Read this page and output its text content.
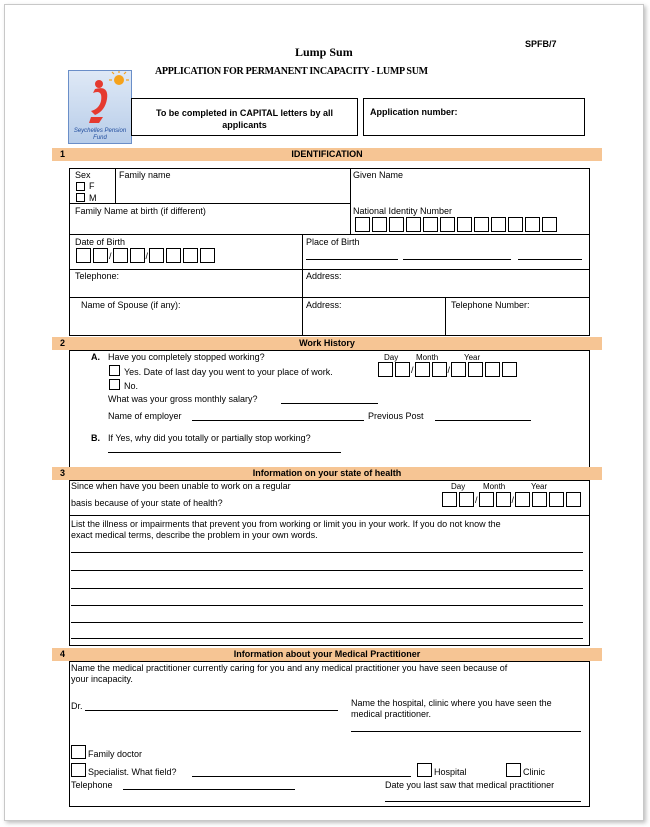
Lump Sum
SPFB/7
APPLICATION FOR PERMANENT INCAPACITY - LUMP SUM
Seychelles Pension Fund
To be completed in CAPITAL letters by all applicants
Application number:
1	IDENTIFICATION
Sex
F
M
Family name	Given Name
Family Name at birth (if different)	National Identity Number
Date of Birth
/	/
Place of Birth
Telephone:	Address:
Name of Spouse (if any):	Address:	Telephone Number:
2	Work History
A. Have you completely stopped working?	Day Month	Year
Yes. Date of last day you went to your place of work.	/	/
No.
What was your gross monthly salary?
Name of employer	Previous Post
B. If Yes, why did you totally or partially stop working?
3	Information on your state of health
Since when have you been unable to work on a regular
basis because of your state of health?
Day Month	Year
/	/
List the illness or impairments that prevent you from working or limit you in your work. If you do not know the
exact medical terms, describe the problem in your own words.
4	Information about your Medical Practitioner
Name the medical practitioner currently caring for you and any medical practitioner you have seen because of
your incapacity.
Dr.	Name the hospital, clinic where you have seen the
medical practitioner.
Family doctor
Specialist. What field?	Hospital	Clinic
Telephone	Date you last saw that medical practitioner
